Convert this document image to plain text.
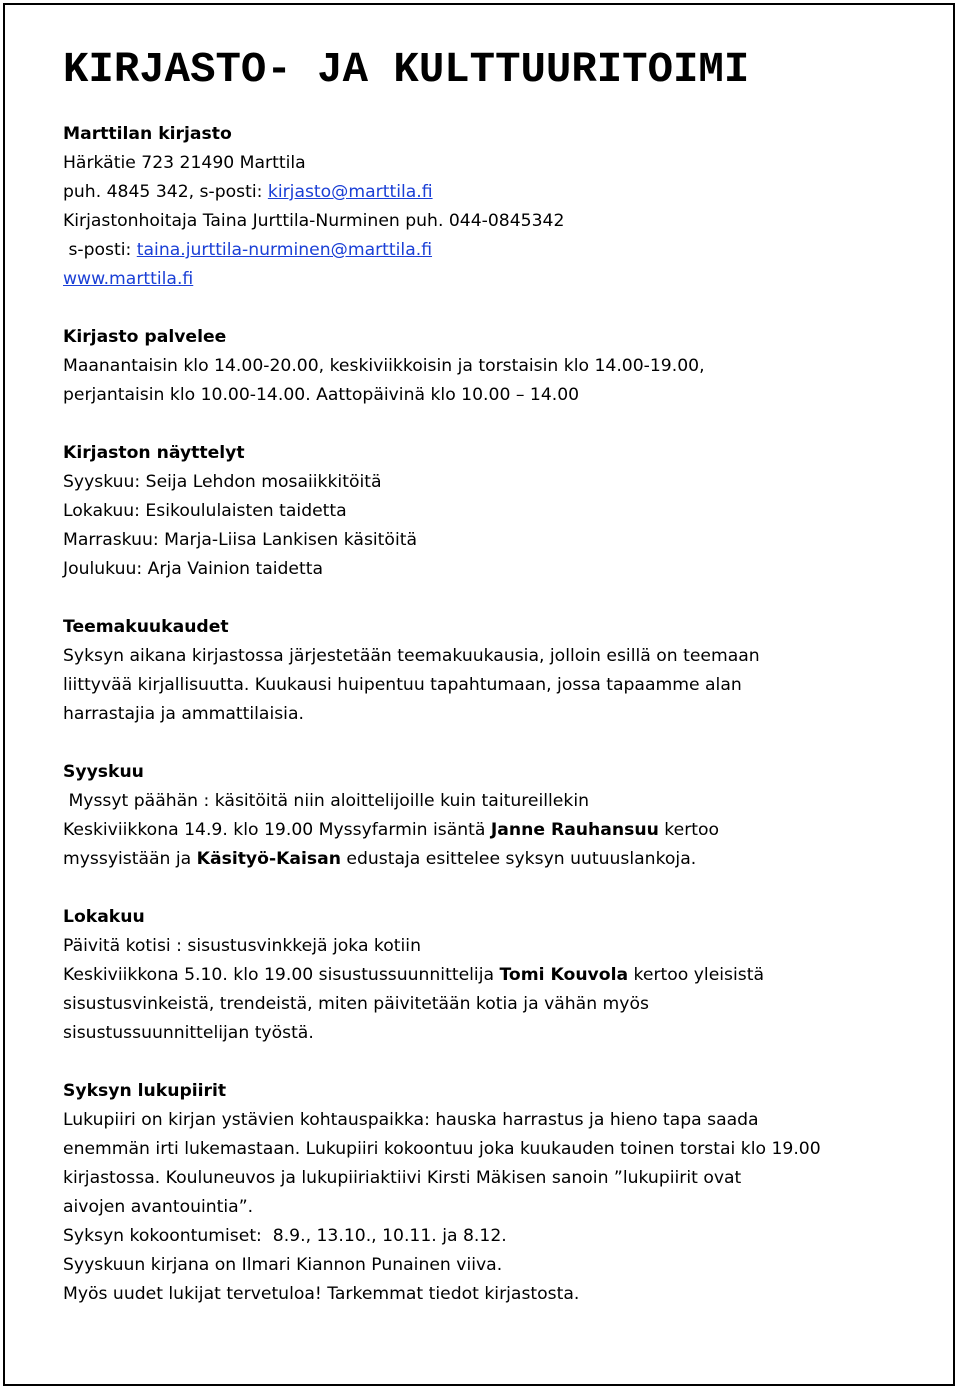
KIRJASTO- JA KULTTUURITOIMI
Marttilan kirjasto
Härkätie 723 21490 Marttila
puh. 4845 342, s-posti: kirjasto@marttila.fi
Kirjastonhoitaja Taina Jurttila-Nurminen puh. 044-0845342
s-posti: taina.jurttila-nurminen@marttila.fi
www.marttila.fi
Kirjasto palvelee
Maanantaisin klo 14.00-20.00, keskiviikkoisin ja torstaisin klo 14.00-19.00,
perjantaisin klo 10.00-14.00. Aattopäivinä klo 10.00 – 14.00
Kirjaston näyttelyt
Syyskuu: Seija Lehdon mosaiikkitöitä
Lokakuu: Esikoululaisten taidetta
Marraskuu: Marja-Liisa Lankisen käsitöitä
Joulukuu: Arja Vainion taidetta
Teemakuukaudet
Syksyn aikana kirjastossa järjestetään teemakuukausia, jolloin esillä on teemaan
liittyvää kirjallisuutta. Kuukausi huipentuu tapahtumaan, jossa tapaamme alan
harrastajia ja ammattilaisia.
Syyskuu
Myssyt päähän : käsitöitä niin aloittelijoille kuin taitureillekin
Keskiviikkona 14.9. klo 19.00 Myssyfarmin isäntä Janne Rauhansuu kertoo
myssyistään ja Käsityö-Kaisan edustaja esittelee syksyn uutuuslankoja.
Lokakuu
Päivitä kotisi : sisustusvinkkejä joka kotiin
Keskiviikkona 5.10. klo 19.00 sisustussuunnittelija Tomi Kouvola kertoo yleisistä
sisustusvinkeistä, trendeistä, miten päivitetään kotia ja vähän myös
sisustussuunnittelijan työstä.
Syksyn lukupiirit
Lukupiiri on kirjan ystävien kohtauspaikka: hauska harrastus ja hieno tapa saada
enemmän irti lukemastaan. Lukupiiri kokoontuu joka kuukauden toinen torstai klo 19.00
kirjastossa. Kouluneuvos ja lukupiiriaktiivi Kirsti Mäkisen sanoin ”lukupiirit ovat
aivojen avantouintia”.
Syksyn kokoontumiset:  8.9., 13.10., 10.11. ja 8.12.
Syyskuun kirjana on Ilmari Kiannon Punainen viiva.
Myös uudet lukijat tervetuloa! Tarkemmat tiedot kirjastosta.
